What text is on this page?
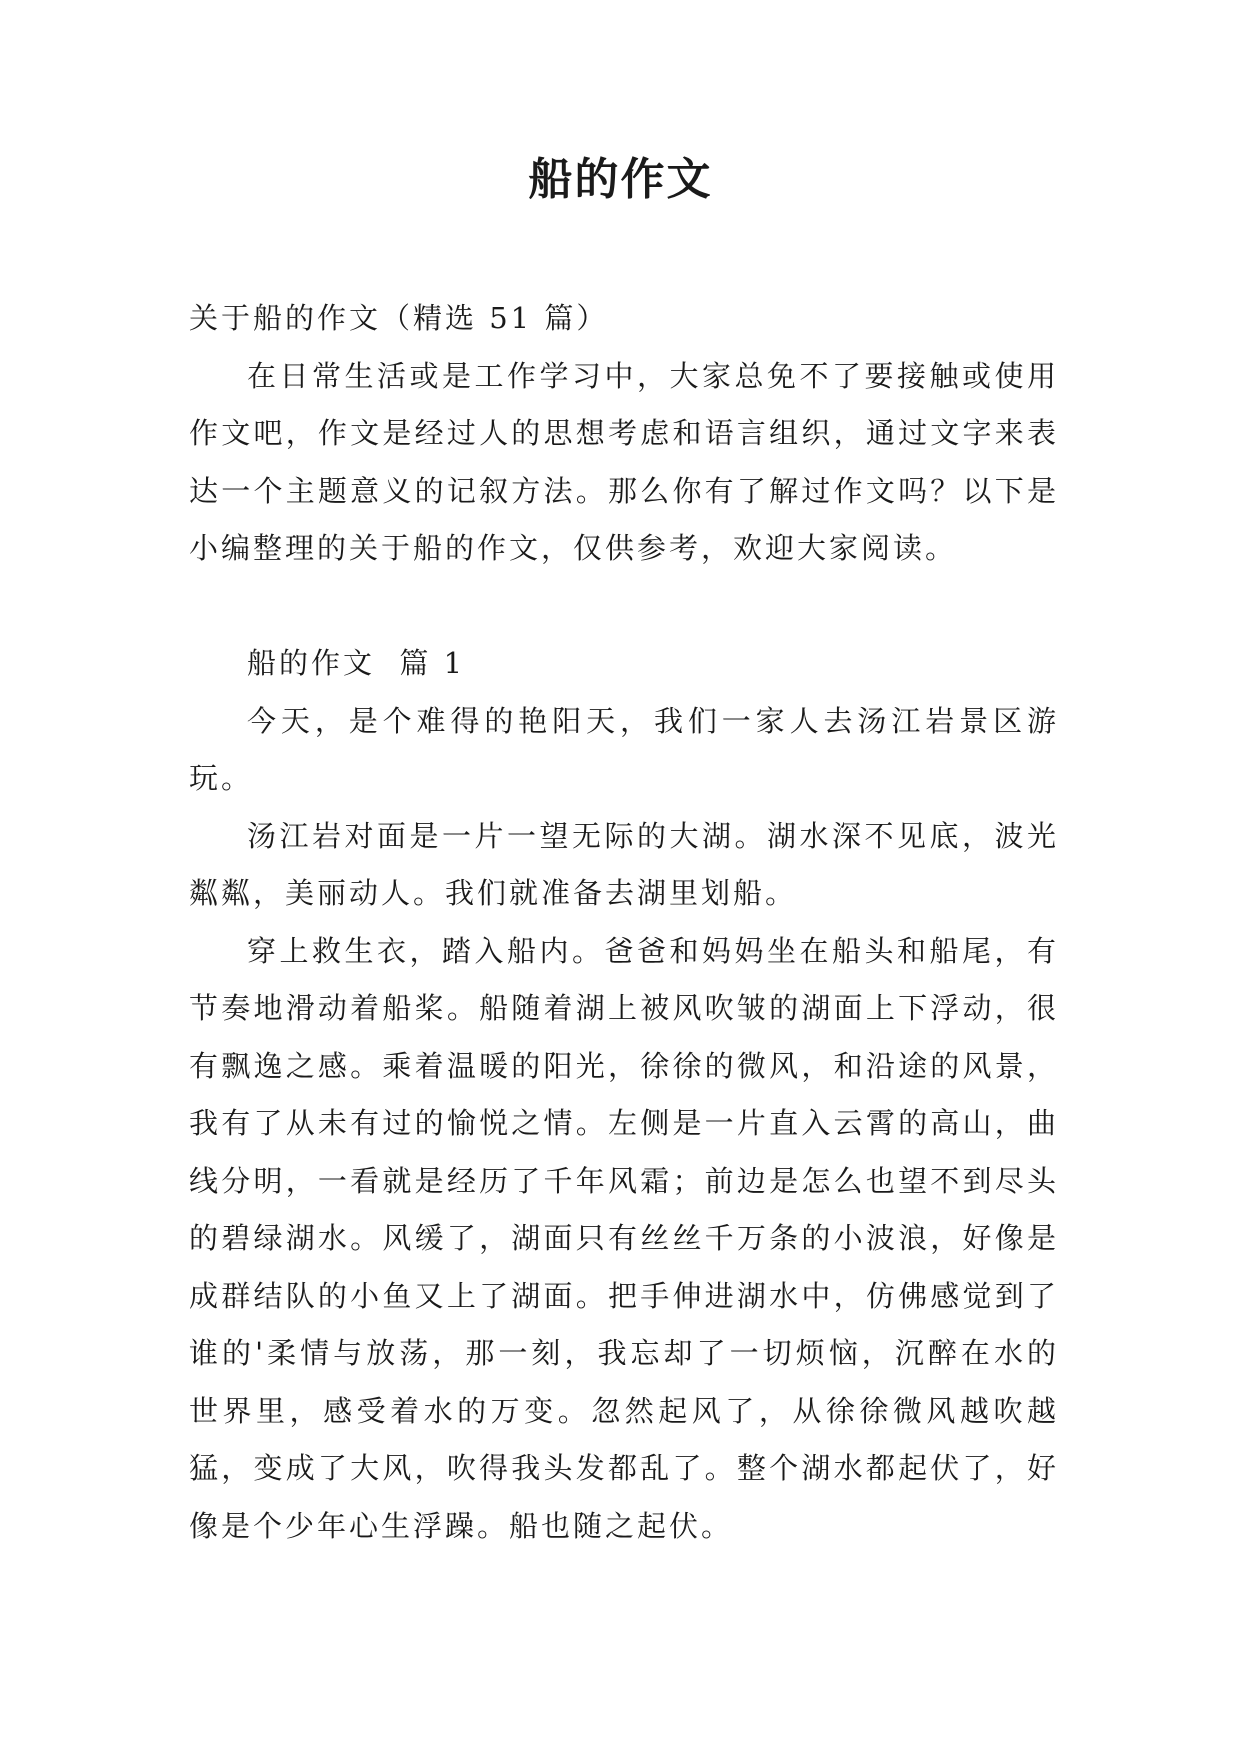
船的作文

关于船的作文（精选 51 篇）

在日常生活或是工作学习中，大家总免不了要接触或使用作文吧，作文是经过人的思想考虑和语言组织，通过文字来表达一个主题意义的记叙方法。那么你有了解过作文吗？以下是小编整理的关于船的作文，仅供参考，欢迎大家阅读。

船的作文  篇 1

今天，是个难得的艳阳天，我们一家人去汤江岩景区游玩。

汤江岩对面是一片一望无际的大湖。湖水深不见底，波光粼粼，美丽动人。我们就准备去湖里划船。

穿上救生衣，踏入船内。爸爸和妈妈坐在船头和船尾，有节奏地滑动着船桨。船随着湖上被风吹皱的湖面上下浮动，很有飘逸之感。乘着温暖的阳光，徐徐的微风，和沿途的风景，我有了从未有过的愉悦之情。左侧是一片直入云霄的高山，曲线分明，一看就是经历了千年风霜；前边是怎么也望不到尽头的碧绿湖水。风缓了，湖面只有丝丝千万条的小波浪，好像是成群结队的小鱼又上了湖面。把手伸进湖水中，仿佛感觉到了谁的'柔情与放荡，那一刻，我忘却了一切烦恼，沉醉在水的世界里，感受着水的万变。忽然起风了，从徐徐微风越吹越猛，变成了大风，吹得我头发都乱了。整个湖水都起伏了，好像是个少年心生浮躁。船也随之起伏。
